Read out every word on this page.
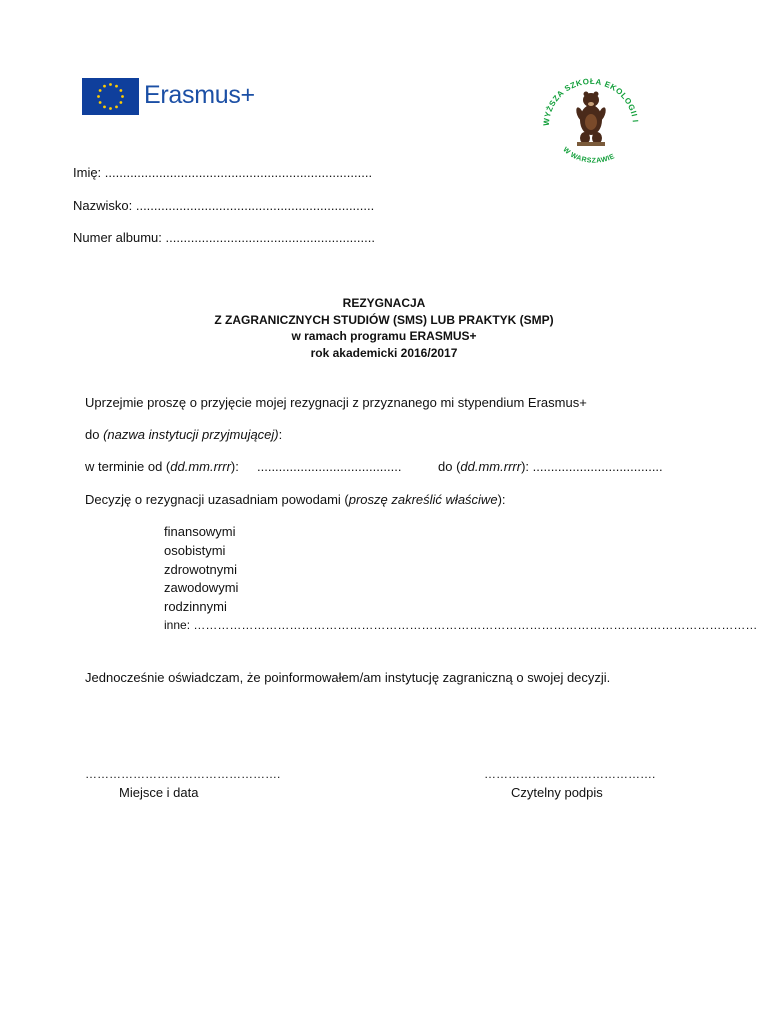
Erasmus+
WYŻSZA SZKOŁA EKOLOGII I
W WARSZAWIE
Imię: ..........................................................................
Nazwisko: ..................................................................
Numer albumu: ..........................................................
REZYGNACJA
Z ZAGRANICZNYCH STUDIÓW (SMS) LUB PRAKTYK (SMP)
w ramach programu ERASMUS+
rok akademicki 2016/2017
Uprzejmie proszę o przyjęcie mojej rezygnacji z przyznanego mi stypendium Erasmus+
do (nazwa instytucji przyjmującej):
w terminie od (dd.mm.rrrr): ........................................	do (dd.mm.rrrr): ....................................
Decyzję o rezygnacji uzasadniam powodami (proszę zakreślić właściwe):
finansowymi
osobistymi
zdrowotnymi
zawodowymi
rodzinnymi
inne: ……………………………………………………………………………………………………………………………
Jednocześnie oświadczam, że poinformowałem/am instytucję zagraniczną o swojej decyzji.
………………………………………….
Miejsce i data
…………………………………….
Czytelny podpis
